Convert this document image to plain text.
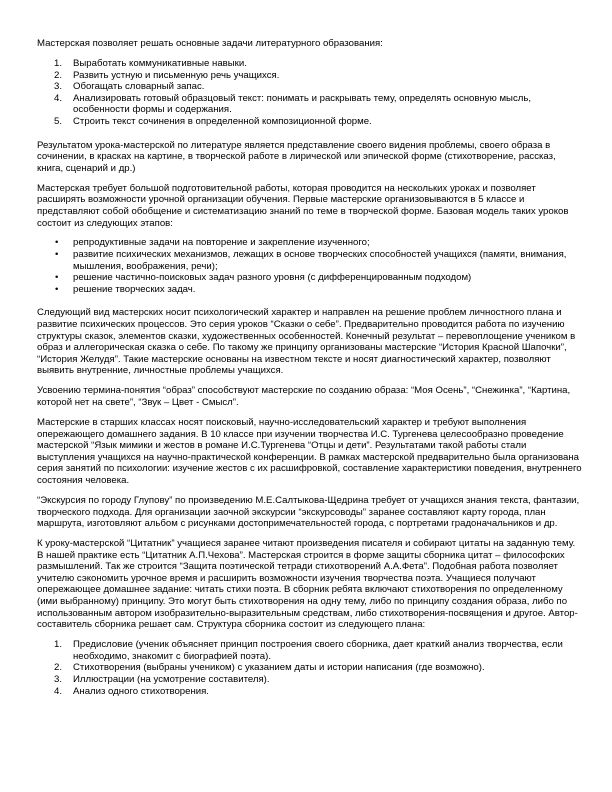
Мастерская позволяет решать основные задачи литературного образования:

1. Выработать коммуникативные навыки.
2. Развить устную и письменную речь учащихся.
3. Обогащать словарный запас.
4. Анализировать готовый образцовый текст: понимать и раскрывать тему, определять основную мысль, особенности формы и содержания.
5. Строить текст сочинения в определенной композиционной форме.

Результатом урока-мастерской по литературе является представление своего видения проблемы, своего образа в сочинении, в красках на картине, в творческой работе в лирической или эпической форме (стихотворение, рассказ, книга, сценарий и др.)

Мастерская требует большой подготовительной работы, которая проводится на нескольких уроках и позволяет расширять возможности урочной организации обучения. Первые мастерские организовываются в 5 классе и представляют собой обобщение и систематизацию знаний по теме в творческой форме. Базовая модель таких уроков состоит из следующих этапов:

• репродуктивные задачи на повторение и закрепление изученного;
• развитие психических механизмов, лежащих в основе творческих способностей учащихся (памяти, внимания, мышления, воображения, речи);
• решение частично-поисковых задач разного уровня (с дифференцированным подходом)
• решение творческих задач.

Следующий вид мастерских носит психологический характер и направлен на решение проблем личностного плана и развитие психических процессов. Это серия уроков “Сказки о себе”. Предварительно проводится работа по изучению структуры сказок, элементов сказки, художественных особенностей. Конечный результат – перевоплощение учеником в образ и аллегорическая сказка о себе. По такому же принципу организованы мастерские “История Красной Шапочки”, “История Желудя”. Такие мастерские основаны на известном тексте и носят диагностический характер, позволяют выявить внутренние, личностные проблемы учащихся.

Усвоению термина-понятия “образ” способствуют мастерские по созданию образа: “Моя Осень”, “Снежинка”, “Картина, которой нет на свете”, “Звук – Цвет - Смысл”.

Мастерские в старших классах носят поисковый, научно-исследовательский характер и требуют выполнения опережающего домашнего задания. В 10 классе при изучении творчества И.С. Тургенева целесообразно проведение мастерской “Язык мимики и жестов в романе И.С.Тургенева “Отцы и дети”. Результатами такой работы стали выступления учащихся на научно-практической конференции. В рамках мастерской предварительно была организована серия занятий по психологии: изучение жестов с их расшифровкой, составление характеристики поведения, внутреннего состояния человека.

“Экскурсия по городу Глупову” по произведению М.Е.Салтыкова-Щедрина требует от учащихся знания текста, фантазии, творческого подхода. Для организации заочной экскурсии “экскурсоводы” заранее составляют карту города, план маршрута, изготовляют альбом с рисунками достопримечательностей города, с портретами градоначальников и др.

К уроку-мастерской “Цитатник” учащиеся заранее читают произведения писателя и собирают цитаты на заданную тему. В нашей практике есть “Цитатник А.П.Чехова”. Мастерская строится в форме защиты сборника цитат – философских размышлений. Так же строится “Защита поэтической тетради стихотворений А.А.Фета”. Подобная работа позволяет учителю сэкономить урочное время и расширить возможности изучения творчества поэта. Учащиеся получают опережающее домашнее задание: читать стихи поэта. В сборник ребята включают стихотворения по определенному (ими выбранному) принципу. Это могут быть стихотворения на одну тему, либо по принципу создания образа, либо по использованным автором изобразительно-выразительным средствам, либо стихотворения-посвящения и другое. Автор-составитель сборника решает сам. Структура сборника состоит из следующего плана:

1. Предисловие (ученик объясняет принцип построения своего сборника, дает краткий анализ творчества, если необходимо, знакомит с биографией поэта).
2. Стихотворения (выбраны учеником) с указанием даты и истории написания (где возможно).
3. Иллюстрации (на усмотрение составителя).
4. Анализ одного стихотворения.
